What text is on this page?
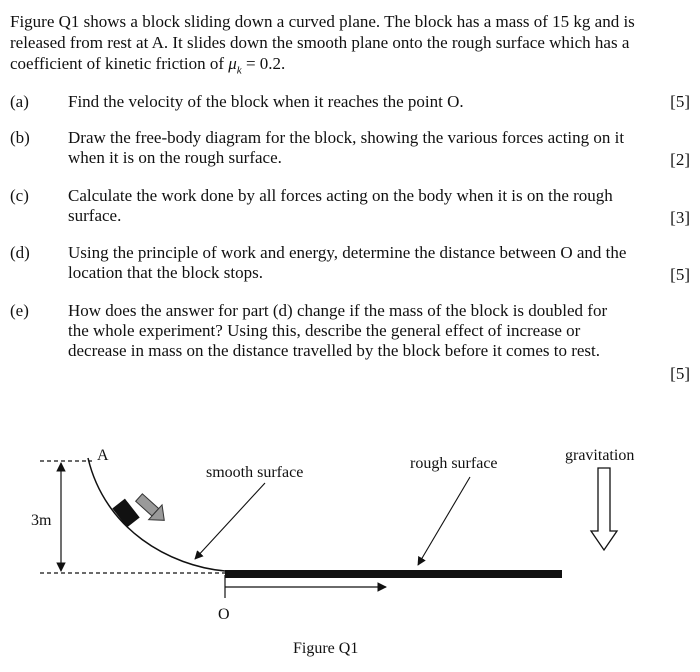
Figure Q1 shows a block sliding down a curved plane. The block has a mass of 15 kg and is released from rest at A. It slides down the smooth plane onto the rough surface which has a coefficient of kinetic friction of $\mu_k = 0.2$.
(a) Find the velocity of the block when it reaches the point O.	[5]
(b) Draw the free-body diagram for the block, showing the various forces acting on it when it is on the rough surface.	[2]
(c) Calculate the work done by all forces acting on the body when it is on the rough surface.	[3]
(d) Using the principle of work and energy, determine the distance between O and the location that the block stops.	[5]
(e) How does the answer for part (d) change if the mass of the block is doubled for the whole experiment? Using this, describe the general effect of increase or decrease in mass on the distance travelled by the block before it comes to rest.
[5]
3m
A
smooth surface
rough surface	gravitation
O
Figure Q1
